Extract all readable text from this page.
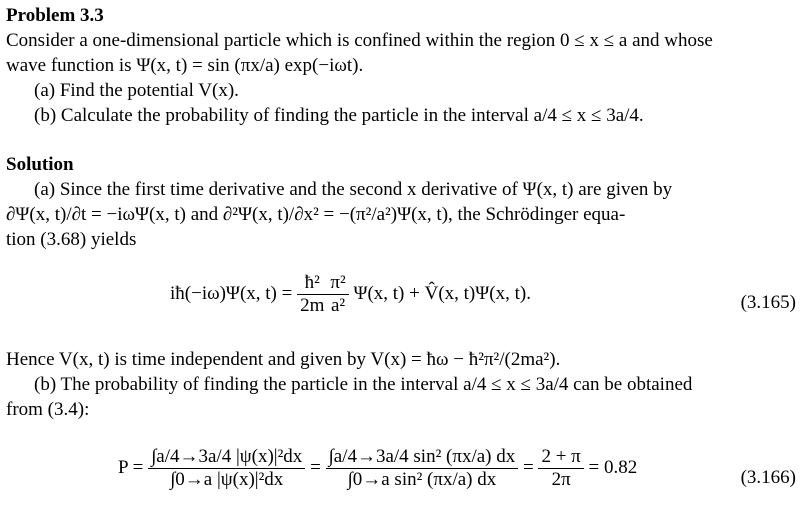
Problem 3.3
Consider a one-dimensional particle which is confined within the region 0 ≤ x ≤ a and whose
wave function is Ψ(x, t) = sin (πx/a) exp(−iωt).
(a) Find the potential V(x).
(b) Calculate the probability of finding the particle in the interval a/4 ≤ x ≤ 3a/4.
Solution
(a) Since the first time derivative and the second x derivative of Ψ(x, t) are given by
∂Ψ(x, t)/∂t = −iωΨ(x, t) and ∂²Ψ(x, t)/∂x² = −(π²/a²)Ψ(x, t), the Schrödinger equa-
tion (3.68) yields
iħ(−iω)Ψ(x, $t) = \frac{\text{ħ²}}{2m} \frac{\text{π²}}{\text{a²}} \Psi(x$, t) + V̂(x, t)Ψ(x, t).	(3.165)
Hence V(x, t) is time independent and given by V(x) = ħω − ħ²π²/(2ma²).
(b) The probability of finding the particle in the interval a/4 ≤ x ≤ 3a/4 can be obtained
from (3.4):
$P = \frac{\text{∫a/4→3a/4 |ψ(x)|²dx}}{\text{∫0→a |ψ(x)|²dx}} = \frac{\text{∫a/4→3a/4 sin² (πx/a) dx}}{\text{∫0→a sin² (πx/a) dx}} = \frac{2 + \pi}{2\pi} = 0.82$	(3.166)
